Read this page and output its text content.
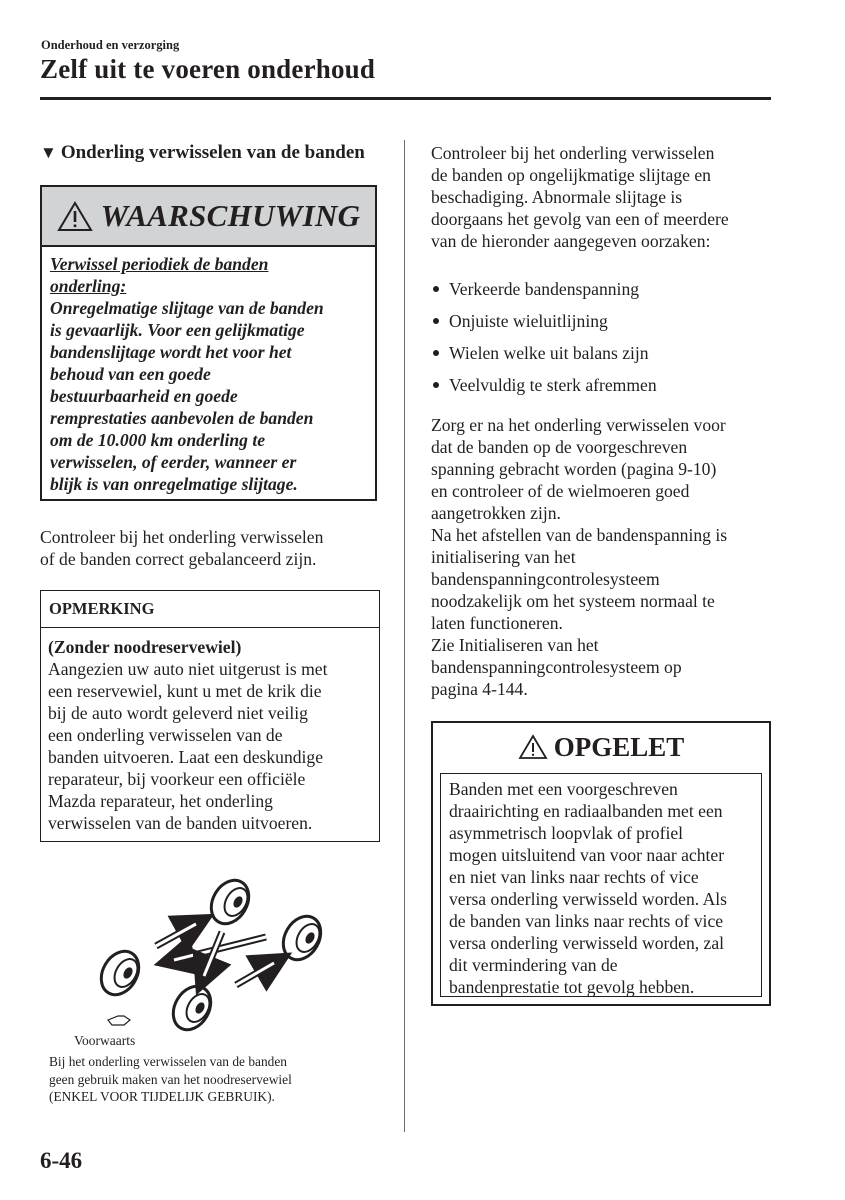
Onderhoud en verzorging
Zelf uit te voeren onderhoud
▼ Onderling verwisselen van de banden
WAARSCHUWING
Verwissel periodiek de banden
onderling:
Onregelmatige slijtage van de banden
is gevaarlijk. Voor een gelijkmatige
bandenslijtage wordt het voor het
behoud van een goede
bestuurbaarheid en goede
remprestaties aanbevolen de banden
om de 10.000 km onderling te
verwisselen, of eerder, wanneer er
blijk is van onregelmatige slijtage.
Controleer bij het onderling verwisselen
of de banden correct gebalanceerd zijn.
OPMERKING
(Zonder noodreservewiel)
Aangezien uw auto niet uitgerust is met
een reservewiel, kunt u met de krik die
bij de auto wordt geleverd niet veilig
een onderling verwisselen van de
banden uitvoeren. Laat een deskundige
reparateur, bij voorkeur een officiële
Mazda reparateur, het onderling
verwisselen van de banden uitvoeren.
Voorwaarts
Bij het onderling verwisselen van de banden
geen gebruik maken van het noodreservewiel
(ENKEL VOOR TIJDELIJK GEBRUIK).
6-46
Controleer bij het onderling verwisselen
de banden op ongelijkmatige slijtage en
beschadiging. Abnormale slijtage is
doorgaans het gevolg van een of meerdere
van de hieronder aangegeven oorzaken:
Verkeerde bandenspanning
Onjuiste wieluitlijning
Wielen welke uit balans zijn
Veelvuldig te sterk afremmen
Zorg er na het onderling verwisselen voor
dat de banden op de voorgeschreven
spanning gebracht worden (pagina 9-10)
en controleer of de wielmoeren goed
aangetrokken zijn.
Na het afstellen van de bandenspanning is
initialisering van het
bandenspanningcontrolesysteem
noodzakelijk om het systeem normaal te
laten functioneren.
Zie Initialiseren van het
bandenspanningcontrolesysteem op
pagina 4-144.
OPGELET
Banden met een voorgeschreven
draairichting en radiaalbanden met een
asymmetrisch loopvlak of profiel
mogen uitsluitend van voor naar achter
en niet van links naar rechts of vice
versa onderling verwisseld worden. Als
de banden van links naar rechts of vice
versa onderling verwisseld worden, zal
dit vermindering van de
bandenprestatie tot gevolg hebben.
